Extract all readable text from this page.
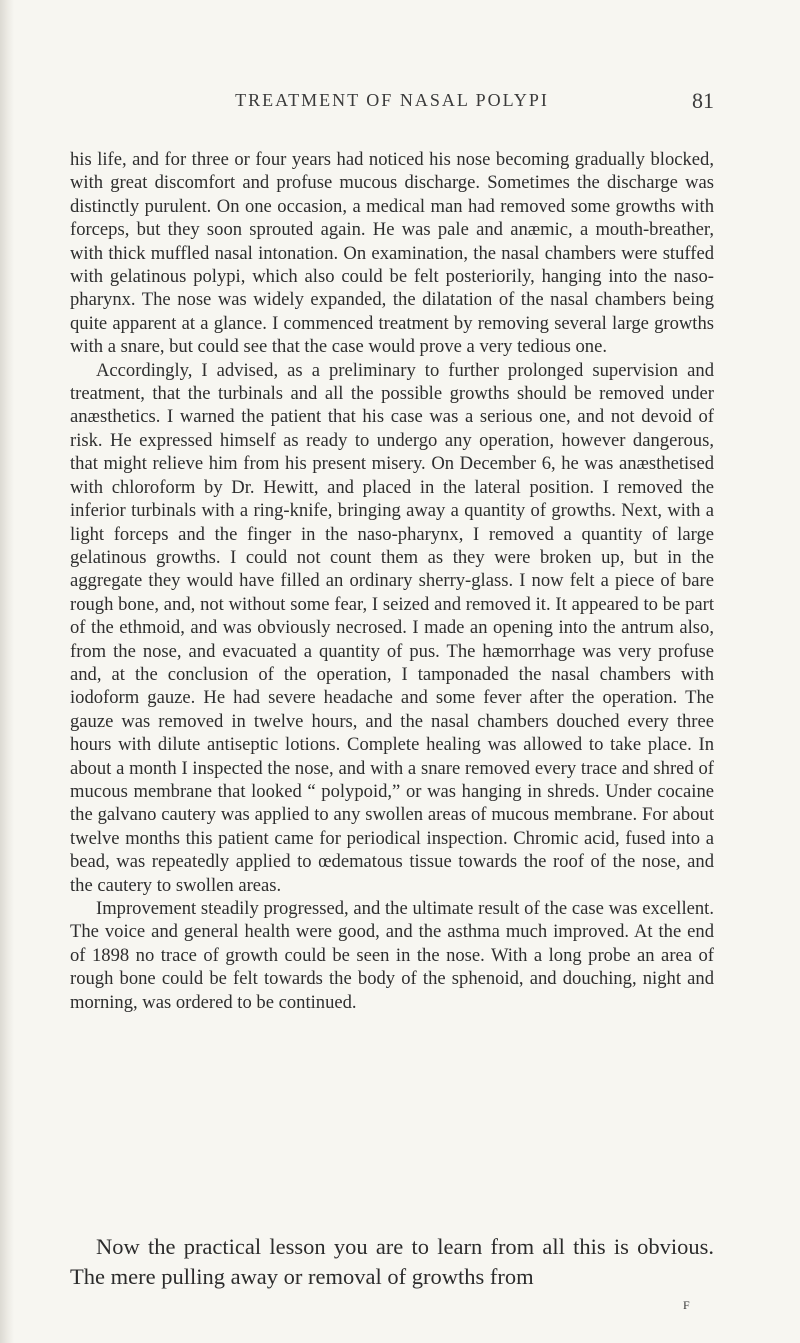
TREATMENT OF NASAL POLYPI	81

his life, and for three or four years had noticed his nose becoming gradually blocked, with great discomfort and profuse mucous discharge. Sometimes the discharge was distinctly purulent. On one occasion, a medical man had removed some growths with forceps, but they soon sprouted again. He was pale and anæmic, a mouth-breather, with thick muffled nasal intonation. On examination, the nasal chambers were stuffed with gelatinous polypi, which also could be felt posteriorily, hanging into the naso-pharynx. The nose was widely expanded, the dilatation of the nasal chambers being quite apparent at a glance. I commenced treatment by removing several large growths with a snare, but could see that the case would prove a very tedious one.

Accordingly, I advised, as a preliminary to further prolonged supervision and treatment, that the turbinals and all the possible growths should be removed under anæsthetics. I warned the patient that his case was a serious one, and not devoid of risk. He expressed himself as ready to undergo any operation, however dangerous, that might relieve him from his present misery. On December 6, he was anæsthetised with chloroform by Dr. Hewitt, and placed in the lateral position. I removed the inferior turbinals with a ring-knife, bringing away a quantity of growths. Next, with a light forceps and the finger in the naso-pharynx, I removed a quantity of large gelatinous growths. I could not count them as they were broken up, but in the aggregate they would have filled an ordinary sherry-glass. I now felt a piece of bare rough bone, and, not without some fear, I seized and removed it. It appeared to be part of the ethmoid, and was obviously necrosed. I made an opening into the antrum also, from the nose, and evacuated a quantity of pus. The hæmorrhage was very profuse and, at the conclusion of the operation, I tamponaded the nasal chambers with iodoform gauze. He had severe headache and some fever after the operation. The gauze was removed in twelve hours, and the nasal chambers douched every three hours with dilute antiseptic lotions. Complete healing was allowed to take place. In about a month I inspected the nose, and with a snare removed every trace and shred of mucous membrane that looked “ polypoid,” or was hanging in shreds. Under cocaine the galvano cautery was applied to any swollen areas of mucous membrane. For about twelve months this patient came for periodical inspection. Chromic acid, fused into a bead, was repeatedly applied to œdematous tissue towards the roof of the nose, and the cautery to swollen areas.

Improvement steadily progressed, and the ultimate result of the case was excellent. The voice and general health were good, and the asthma much improved. At the end of 1898 no trace of growth could be seen in the nose. With a long probe an area of rough bone could be felt towards the body of the sphenoid, and douching, night and morning, was ordered to be continued.

Now the practical lesson you are to learn from all this is obvious. The mere pulling away or removal of growths from

F
